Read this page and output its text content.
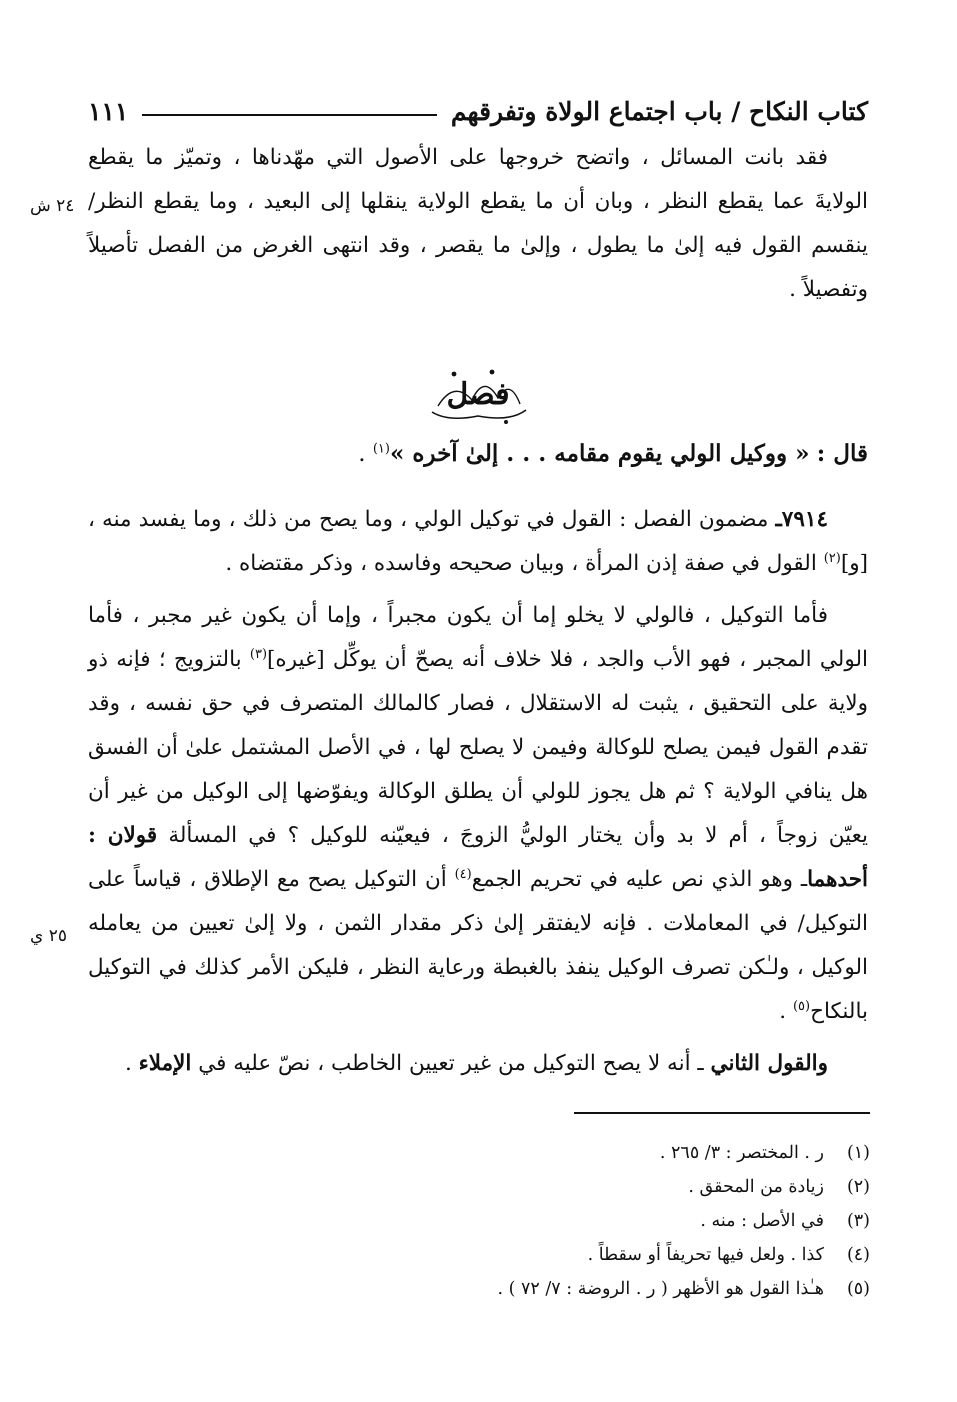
كتاب النكاح / باب اجتماع الولاة وتفرقهم
١١١

فقد بانت المسائل ، واتضح خروجها على الأصول التي مهّدناها ، وتميّز ما يقطع الولايةَ عما يقطع النظر ، وبان أن ما يقطع الولاية ينقلها إلى البعيد ، وما يقطع النظر/ ينقسم القول فيه إلىٰ ما يطول ، وإلىٰ ما يقصر ، وقد انتهى الغرض من الفصل تأصيلاً وتفصيلاً .

٢٤ ش
فصل
قال : « ووكيل الولي يقوم مقامه . . . إلىٰ آخره »$^{(١)}$ .

٧٩١٤ـ مضمون الفصل : القول في توكيل الولي ، وما يصح من ذلك ، وما يفسد منه ، [و]$^{(٢)}$ القول في صفة إذن المرأة ، وبيان صحيحه وفاسده ، وذكر مقتضاه .

فأما التوكيل ، فالولي لا يخلو إما أن يكون مجبراً ، وإما أن يكون غير مجبر ، فأما الولي المجبر ، فهو الأب والجد ، فلا خلاف أنه يصحّ أن يوكِّل [غيره]$^{(٣)}$ بالتزويج ؛ فإنه ذو ولاية على التحقيق ، يثبت له الاستقلال ، فصار كالمالك المتصرف في حق نفسه ، وقد تقدم القول فيمن يصلح للوكالة وفيمن لا يصلح لها ، في الأصل المشتمل علىٰ أن الفسق هل ينافي الولاية ؟ ثم هل يجوز للولي أن يطلق الوكالة ويفوّضها إلى الوكيل من غير أن يعيّن زوجاً ، أم لا بد وأن يختار الوليُّ الزوجَ ، فيعيّنه للوكيل ؟ في المسألة قولان : أحدهماـ وهو الذي نص عليه في تحريم الجمع$^{(٤)}$ أن التوكيل يصح مع الإطلاق ، قياساً على التوكيل/ في المعاملات . فإنه لايفتقر إلىٰ ذكر مقدار الثمن ، ولا إلىٰ تعيين من يعامله الوكيل ، ولـٰكن تصرف الوكيل ينفذ بالغبطة ورعاية النظر ، فليكن الأمر كذلك في التوكيل بالنكاح$^{(٥)}$ .

والقول الثاني ـ أنه لا يصح التوكيل من غير تعيين الخاطب ، نصّ عليه في الإملاء .

٢٥ ي
(١)ر . المختصر : ٣/ ٢٦٥ .
(٢)زيادة من المحقق .
(٣)في الأصل : منه .
(٤)كذا . ولعل فيها تحريفاً أو سقطاً .
(٥)هـٰذا القول هو الأظهر ( ر . الروضة : ٧/ ٧٢ ) .
